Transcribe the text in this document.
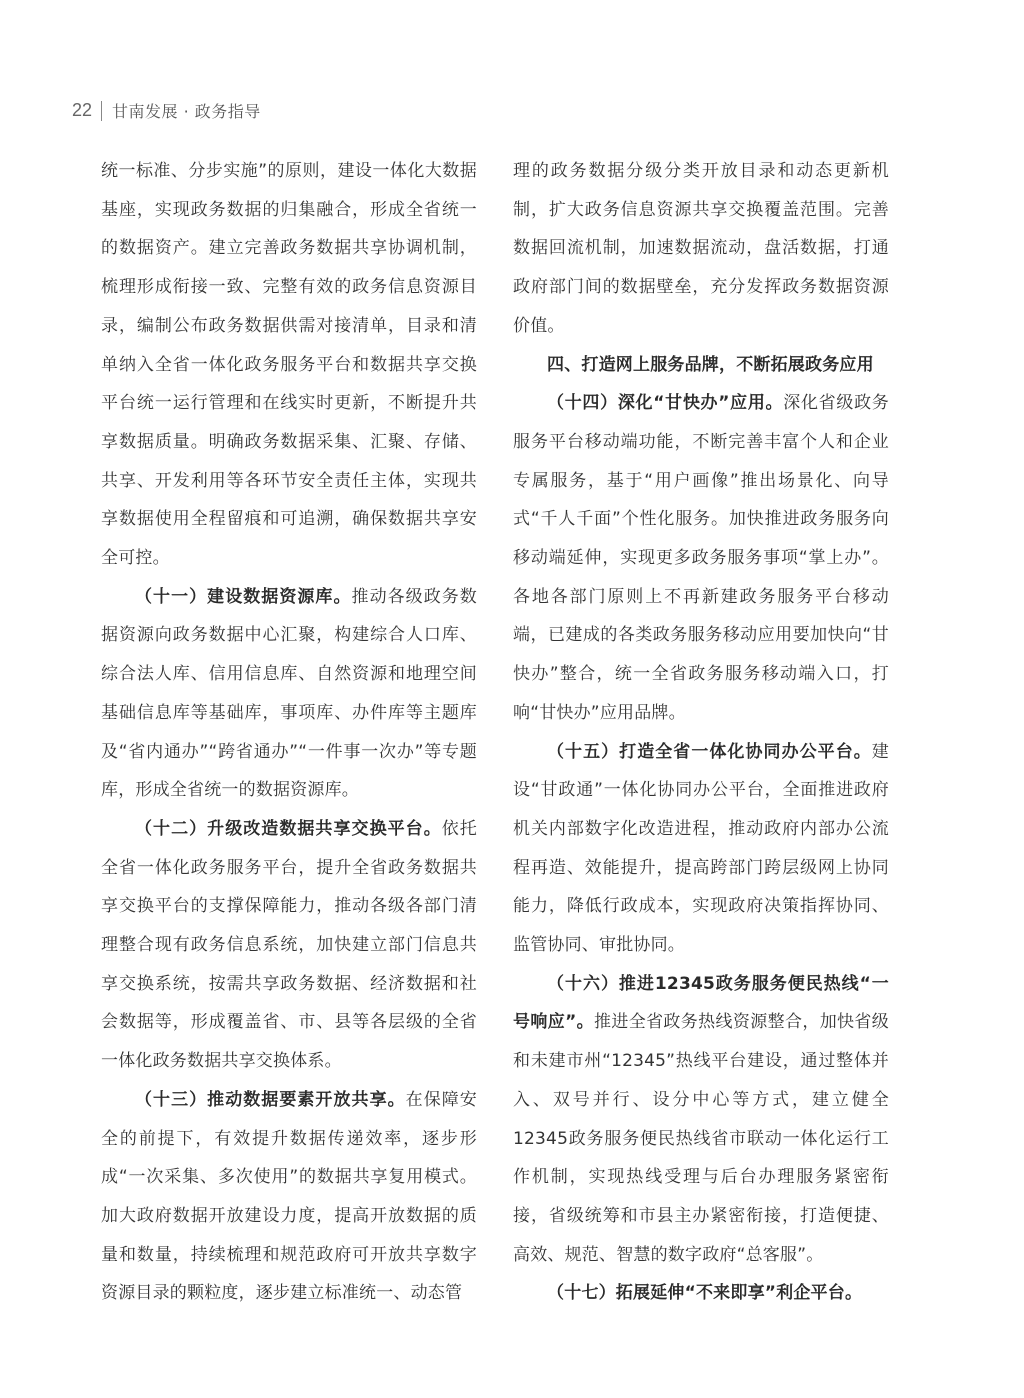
22 甘南发展 · 政务指导

统一标准、分步实施”的原则，建设一体化大数据基座，实现政务数据的归集融合，形成全省统一的数据资产。建立完善政务数据共享协调机制，梳理形成衔接一致、完整有效的政务信息资源目录，编制公布政务数据供需对接清单，目录和清单纳入全省一体化政务服务平台和数据共享交换平台统一运行管理和在线实时更新，不断提升共享数据质量。明确政务数据采集、汇聚、存储、共享、开发利用等各环节安全责任主体，实现共享数据使用全程留痕和可追溯，确保数据共享安全可控。

（十一）建设数据资源库。推动各级政务数据资源向政务数据中心汇聚，构建综合人口库、综合法人库、信用信息库、自然资源和地理空间基础信息库等基础库，事项库、办件库等主题库及“省内通办”“跨省通办”“一件事一次办”等专题库，形成全省统一的数据资源库。

（十二）升级改造数据共享交换平台。依托全省一体化政务服务平台，提升全省政务数据共享交换平台的支撑保障能力，推动各级各部门清理整合现有政务信息系统，加快建立部门信息共享交换系统，按需共享政务数据、经济数据和社会数据等，形成覆盖省、市、县等各层级的全省一体化政务数据共享交换体系。

（十三）推动数据要素开放共享。在保障安全的前提下，有效提升数据传递效率，逐步形成“一次采集、多次使用”的数据共享复用模式。加大政府数据开放建设力度，提高开放数据的质量和数量，持续梳理和规范政府可开放共享数字资源目录的颗粒度，逐步建立标准统一、动态管

理的政务数据分级分类开放目录和动态更新机制，扩大政务信息资源共享交换覆盖范围。完善数据回流机制，加速数据流动，盘活数据，打通政府部门间的数据壁垒，充分发挥政务数据资源价值。

四、打造网上服务品牌，不断拓展政务应用

（十四）深化“甘快办”应用。深化省级政务服务平台移动端功能，不断完善丰富个人和企业专属服务，基于“用户画像”推出场景化、向导式“千人千面”个性化服务。加快推进政务服务向移动端延伸，实现更多政务服务事项“掌上办”。各地各部门原则上不再新建政务服务平台移动端，已建成的各类政务服务移动应用要加快向“甘快办”整合，统一全省政务服务移动端入口，打响“甘快办”应用品牌。

（十五）打造全省一体化协同办公平台。建设“甘政通”一体化协同办公平台，全面推进政府机关内部数字化改造进程，推动政府内部办公流程再造、效能提升，提高跨部门跨层级网上协同能力，降低行政成本，实现政府决策指挥协同、监管协同、审批协同。

（十六）推进12345政务服务便民热线“一号响应”。推进全省政务热线资源整合，加快省级和未建市州“12345”热线平台建设，通过整体并入、双号并行、设分中心等方式，建立健全12345政务服务便民热线省市联动一体化运行工作机制，实现热线受理与后台办理服务紧密衔接，省级统筹和市县主办紧密衔接，打造便捷、高效、规范、智慧的数字政府“总客服”。

（十七）拓展延伸“不来即享”利企平台。
